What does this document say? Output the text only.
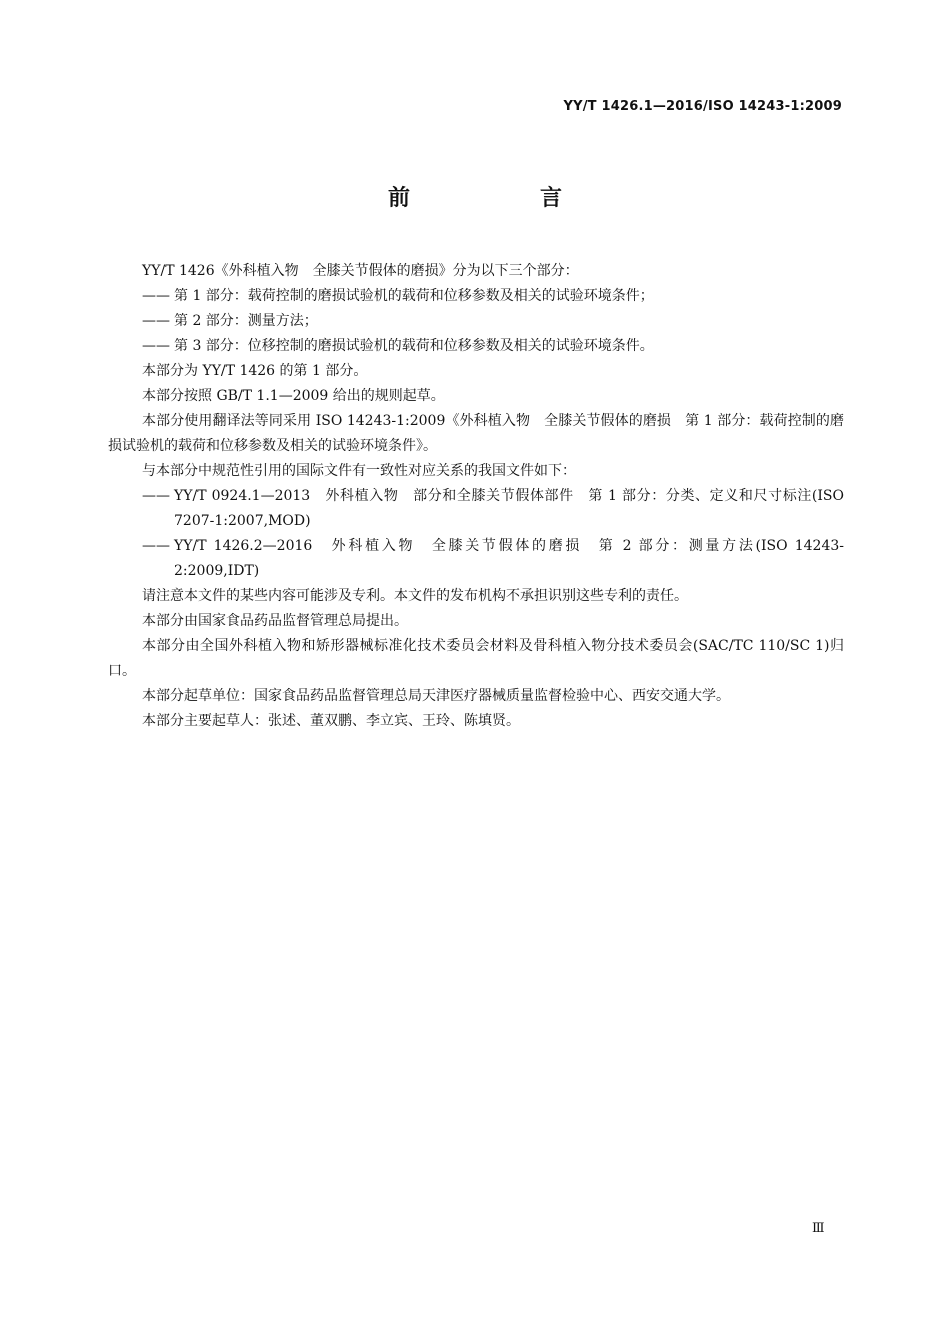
YY/T 1426.1—2016/ISO 14243-1:2009
前　言

YY/T 1426《外科植入物　全膝关节假体的磨损》分为以下三个部分：

—— 第 1 部分：载荷控制的磨损试验机的载荷和位移参数及相关的试验环境条件；

—— 第 2 部分：测量方法；

—— 第 3 部分：位移控制的磨损试验机的载荷和位移参数及相关的试验环境条件。

本部分为 YY/T 1426 的第 1 部分。

本部分按照 GB/T 1.1—2009 给出的规则起草。

本部分使用翻译法等同采用 ISO 14243-1:2009《外科植入物　全膝关节假体的磨损　第 1 部分：载荷控制的磨损试验机的载荷和位移参数及相关的试验环境条件》。

与本部分中规范性引用的国际文件有一致性对应关系的我国文件如下：

—— YY/T 0924.1—2013　外科植入物　部分和全膝关节假体部件　第 1 部分：分类、定义和尺寸标注(ISO 7207-1:2007,MOD)

—— YY/T 1426.2—2016　外科植入物　全膝关节假体的磨损　第 2 部分：测量方法(ISO 14243-2:2009,IDT)

请注意本文件的某些内容可能涉及专利。本文件的发布机构不承担识别这些专利的责任。

本部分由国家食品药品监督管理总局提出。

本部分由全国外科植入物和矫形器械标准化技术委员会材料及骨科植入物分技术委员会(SAC/TC 110/SC 1)归口。

本部分起草单位：国家食品药品监督管理总局天津医疗器械质量监督检验中心、西安交通大学。

本部分主要起草人：张述、董双鹏、李立宾、王玲、陈填贤。

Ⅲ
